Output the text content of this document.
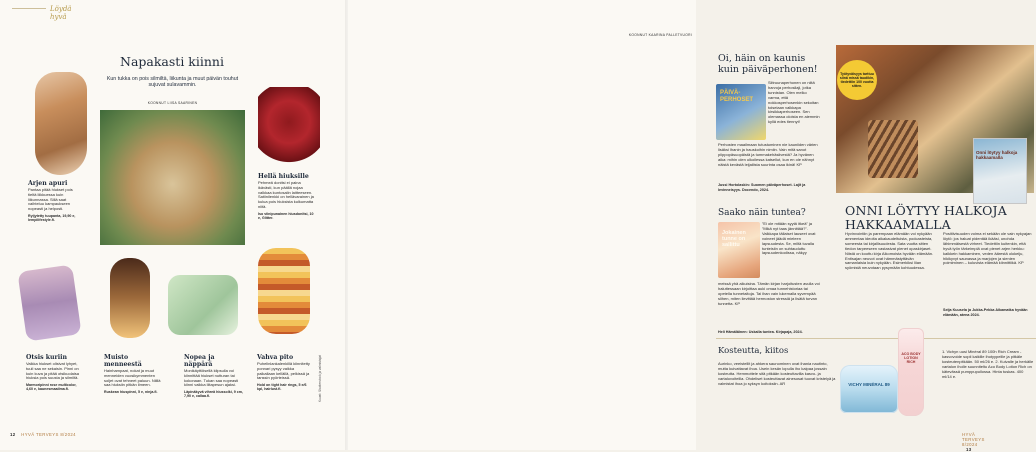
Löydä hyvä
Napakasti kiinni
Kun tukka on pois silmiltä, liikunta ja muut päivän touhut sujuvat sulavammin.
KOONNUT LIISA SAARINEN
Arjen apuri
Pantaa pitää hiukset pois tieltä liikkuessa kuin liikunnassa. Sillä saat vaihteluu kampaukseen nopeasti ja helposti.
Ryijytetty tuupanta, 19,90 e, lempilifestyle.fi.
Hellä hiuksille
Pehmeä donitsi ei paina ikävästi, kun päällä nojaa valkkaa kuntosalin laitteeseen. Satiinilenkki on hellävarainen ja kulua pois hiuksista kulkumatta niitä.
Iso viinipunainen hiusdonitsi, 10 e, Glitter.
Otsis kuriin
Valkka hiukset olisivat lyhyet, tuuli saa ne sekaisin. Pinni on kuin kuva ja pitää otsikuolaisa hiuksia pois suusta ja silmiltä.
Marmoripinni rose multicolor, 4,60 e, kaunesmaailma.fi.
Muisto menneestä
Hainhampaat, nokat ja muut menneiden vuosikymmenten soljet ovat tehneet paluun. Niillä saa hiuksiin pitkän ilmeen.
Ruskean hiuspinni, 5 e, ninja.fi.
Nopea ja näppärä
Monikäyttöisellä klipsulla voi kiinnittää hiukset nutturan tai kokonaan. Tukan saa nopeasti kiinni vaikka liitapesun ajaksi.
Läpinäkyvä vihreä hiussolki, 9 cm, 7,90 e, callaa.fi.
Vahva pito
Puhelinlankalenkillä kiinnitetty ponnari pysyy vaikka paikallaan kellällä, pelkissä ja tanssin pyörteissä.
Hold on tight hair rings, 5 e/6 kpl, hairlust.fi.	Kuvat: Shutterstock ja valmistajat
12 HYVÄ TERVEYS 8/2024
KOONNUT KAARINA PALLETVUORI
Oi, häin on kaunis kuin päiväperhonen!
PÄIVÄ-PERHOSET
Siitruunaperhonen on niitä harvoja perhosilaji, jotka tunnistan. Olen melko varma, että nokkosperhosenkin sekoitan toiseiaan valkkapa kirsikkaperhoseen. Sen olemassa oloista en aiemmin kyllä edes tiennyt!
Perhosten maailmaan tutustuminen nie kauniiden värien lisäksi lhanin ja hauskoihin nimiin. Vain mitä sanot piippopäsuopäistä ja tummakehäsiivestä? Ja hyvänen aika: mihin olen ulkoilessa katsellut, kun en ole nähnyt näistä kevästä leijailista suurinta osaa ikinä! KP
Jussi Hortolaskin: Suomen päiväperhoset. Lajit ja levinneisyys. Docendo, 2024.
Saako näin tuntea?
Jokainen tunne on sallittu
”Ei ole mitään syytä itkeä” ja ”Mikä nyt taas jännittää?”. Valkkapa tällaiset lauseet ovat voineet jäädä mieleen lapsuudesta. Se, miltä tuvalla tunteisiin on suhtauduttu lapsuudenkodissa, näkyy
meissä yhä aikuisina. Tämän kirjan harjoitusten avulla voi haluttessaan kirjoittaa auki omaa tunnehistoriaa tai opetella tunnetaitoja. Tai ihan vain lukemalla syvempää siihen, miten lievittää hermoston stressiä ja lisätä turvan tunnetta. KP
Heli Hämäläinen: Uskalla tuntea. Kirjapaja, 2024.
Työtyväisyys tarttuu siinä missä taudikin, tiedettiin 100 vuotta sitten.
Onni löytyy halkoja hakkaamalla
ONNI LÖYTYY HALKOJA HAKKAAMALLA
Hyvinvointiin ja parempaan elämään voi nykyään ammentaa ideoita aikakaudeltuista, podcasteista, someesta tai kirjallisuudesta. Sata vuotta sitten tiedon tarpeeseen vastasivat pienet opaskirjaset. Niistä on koottu kirja Aikomoista hyvään elämään. Entisajan neuvot ovat hämmästyttävän samanlaisia kuin nykyään. Esimerkiksi liian syömistä neuvotaan pysymään kohtuudessa.
Positiivisuuden voima ei sekään ole vain nykyajan löytö: jos haluat pidentää ikääsi, unohda lähimmäisestä virheet. Tiedettiin kuitenkin, että hyvä työn tärkeimpiä ovat pienet arjen herkku: kaikkein hakkaminen, veden äärestä olokeiju, hikikyvyt saunassa ja marjojen ja sienien poimiminen – kuluvista elämää kiinnittiikä. KP
Seija Kuusela ja Jukka-Pekka Aikamatka hyvään elämään, atena 2024.
Kosteutta, kiitos
Aurinko, veeistellit ja ahkera saunominen ovat ihania nautinto, mutta kuivattavat ihoa. Usein kesän lopulla iho kaipaa jossain kosteutta. Hemmottele sitä pitkään kosteuttavilla kasvo- ja vartalovoiteilla. Ohdeliset kosteuttavat ainesosat tuovat kristelyä ja valmistat ihoa jo syksyn koitoksiin. AR	VICHY MINÉRAL 89
ACO BODY LOTION RICH
1. Vichyn uusi Minéral 89 100h Rich Cream -kasvovoide sopii kaikille ihotyypeille ja pitkäle kosteutenpitkään. 50 ml/26 e. 2. Kuivalle ja herkälle vartalon iholle suunniteltu Aco Body Lotion Rich on kätevässä pumppupullossa. Hinta tuskas. 400 ml/14 e.
HYVÄ TERVEYS 8/2024 13
